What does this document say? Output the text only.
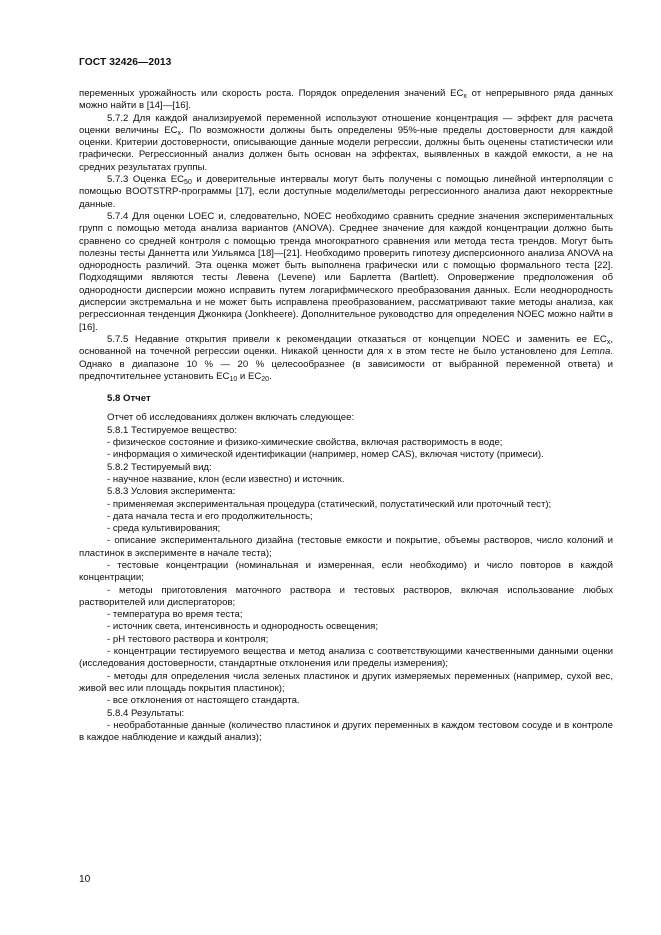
ГОСТ 32426—2013

переменных урожайность или скорость роста. Порядок определения значений $EC_x$ от непрерывного ряда данных можно найти в [14]—[16].

5.7.2 Для каждой анализируемой переменной используют отношение концентрация — эффект для расчета оценки величины $EC_x$. По возможности должны быть определены 95%-ные пределы достоверности для каждой оценки. Критерии достоверности, описывающие данные модели регрессии, должны быть оценены статистически или графически. Регрессионный анализ должен быть основан на эффектах, выявленных в каждой емкости, а не на средних результатах группы.

5.7.3 Оценка $EC_{50}$ и доверительные интервалы могут быть получены с помощью линейной интерполяции с помощью BOOTSTRP-программы [17], если доступные модели/методы регрессионного анализа дают некорректные данные.

5.7.4 Для оценки LOEC и, следовательно, NOEC необходимо сравнить средние значения экспериментальных групп с помощью метода анализа вариантов (ANOVA). Среднее значение для каждой концентрации должно быть сравнено со средней контроля с помощью тренда многократного сравнения или метода теста трендов. Могут быть полезны тесты Даннетта или Уильямса [18]—[21]. Необходимо проверить гипотезу дисперсионного анализа ANOVA на однородность различий. Эта оценка может быть выполнена графически или с помощью формального теста [22]. Подходящими являются тесты Левена (Levene) или Барлетта (Bartlett). Опровержение предположения об однородности дисперсии можно исправить путем логарифмического преобразования данных. Если неоднородность дисперсии экстремальна и не может быть исправлена преобразованием, рассматривают такие методы анализа, как регрессионная тенденция Джонкира (Jonkheere). Дополнительное руководство для определения NOEC можно найти в [16].

5.7.5 Недавние открытия привели к рекомендации отказаться от концепции NOEC и заменить ее $EC_x$, основанной на точечной регрессии оценки. Никакой ценности для x в этом тесте не было установлено для Lemna. Однако в диапазоне 10 % — 20 % целесообразнее (в зависимости от выбранной переменной ответа) и предпочтительнее установить $EC_{10}$ и $EC_{20}$.

5.8 Отчет

Отчет об исследованиях должен включать следующее:

5.8.1 Тестируемое вещество:

- физическое состояние и физико-химические свойства, включая растворимость в воде;

- информация о химической идентификации (например, номер CAS), включая чистоту (примеси).

5.8.2 Тестируемый вид:

- научное название, клон (если известно) и источник.

5.8.3 Условия эксперимента:

- применяемая экспериментальная процедура (статический, полустатический или проточный тест);

- дата начала теста и его продолжительность;

- среда культивирования;

- описание экспериментального дизайна (тестовые емкости и покрытие, объемы растворов, число колоний и пластинок в эксперименте в начале теста);

- тестовые концентрации (номинальная и измеренная, если необходимо) и число повторов в каждой концентрации;

- методы приготовления маточного раствора и тестовых растворов, включая использование любых растворителей или диспергаторов;

- температура во время теста;

- источник света, интенсивность и однородность освещения;

- pH тестового раствора и контроля;

- концентрации тестируемого вещества и метод анализа с соответствующими качественными данными оценки (исследования достоверности, стандартные отклонения или пределы измерения);

- методы для определения числа зеленых пластинок и других измеряемых переменных (например, сухой вес, живой вес или площадь покрытия пластинок);

- все отклонения от настоящего стандарта.

5.8.4 Результаты:

- необработанные данные (количество пластинок и других переменных в каждом тестовом сосуде и в контроле в каждое наблюдение и каждый анализ);

10
